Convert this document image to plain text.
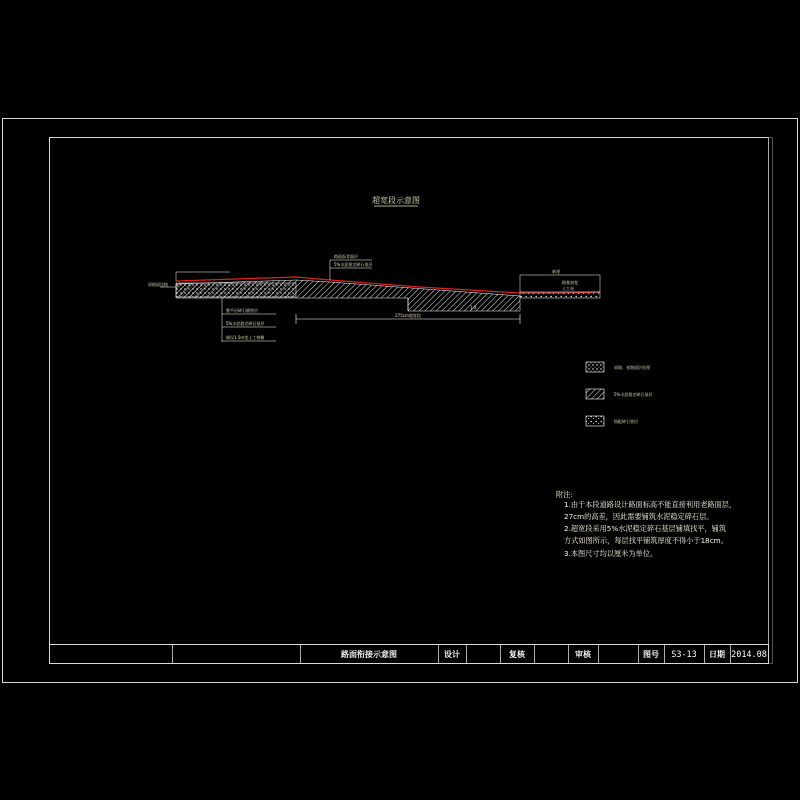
超宽段示意图
原路面边线
路面沥青面层
5%水泥稳定碎石基层
整平层碎石铺垫层
5%水泥稳定碎石基层
铺设1.5m宽土工格栅
新建
路基加宽
土工布
275cm超宽段
1:3
原路、老路面层处理
5%水泥稳定碎石基层
级配碎石垫层
附注:
1.由于本段道路设计路面标高不能直接利用老路面层，
27cm的高差，因此需要铺筑水泥稳定碎石层。
2.超宽段采用5%水泥稳定碎石基层铺填找平，铺筑
方式如图所示，每层找平铺筑厚度不得小于18cm。
3.本图尺寸均以厘米为单位。
路面衔接示意图	设计	复核	审核	图号 S3-13 日期 2014.08
